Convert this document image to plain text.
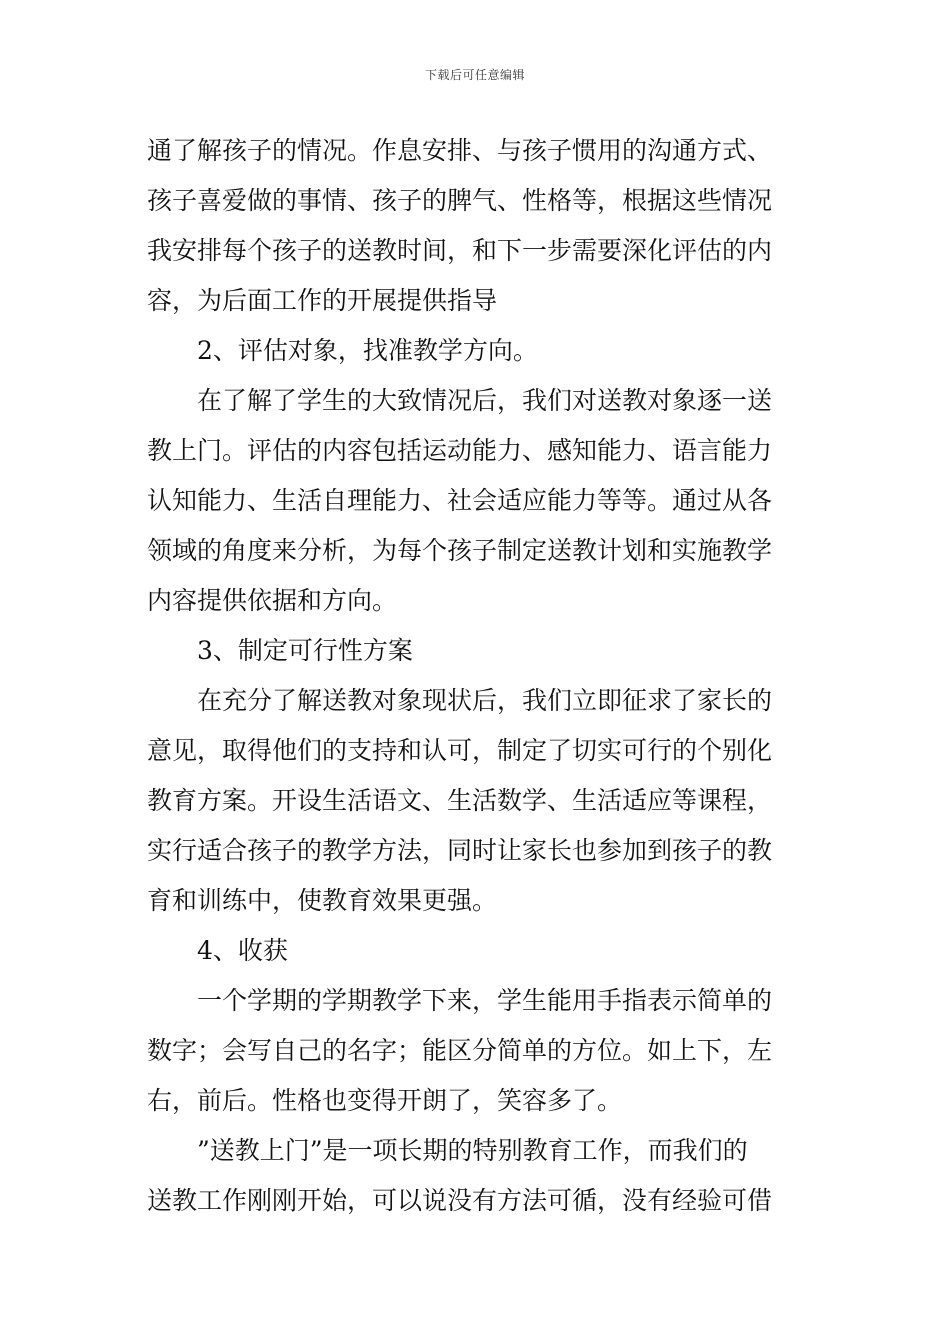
下载后可任意编辑
通了解孩子的情况。作息安排、与孩子惯用的沟通方式、
孩子喜爱做的事情、孩子的脾气、性格等，根据这些情况
我安排每个孩子的送教时间，和下一步需要深化评估的内
容，为后面工作的开展提供指导
2、评估对象，找准教学方向。
在了解了学生的大致情况后，我们对送教对象逐一送
教上门。评估的内容包括运动能力、感知能力、语言能力
认知能力、生活自理能力、社会适应能力等等。通过从各
领域的角度来分析，为每个孩子制定送教计划和实施教学
内容提供依据和方向。
3、制定可行性方案
在充分了解送教对象现状后，我们立即征求了家长的
意见，取得他们的支持和认可，制定了切实可行的个别化
教育方案。开设生活语文、生活数学、生活适应等课程，
实行适合孩子的教学方法，同时让家长也参加到孩子的教
育和训练中，使教育效果更强。
4、收获
一个学期的学期教学下来，学生能用手指表示简单的
数字；会写自己的名字；能区分简单的方位。如上下，左
右，前后。性格也变得开朗了，笑容多了。
”送教上门”是一项长期的特别教育工作，而我们的
送教工作刚刚开始，可以说没有方法可循，没有经验可借
